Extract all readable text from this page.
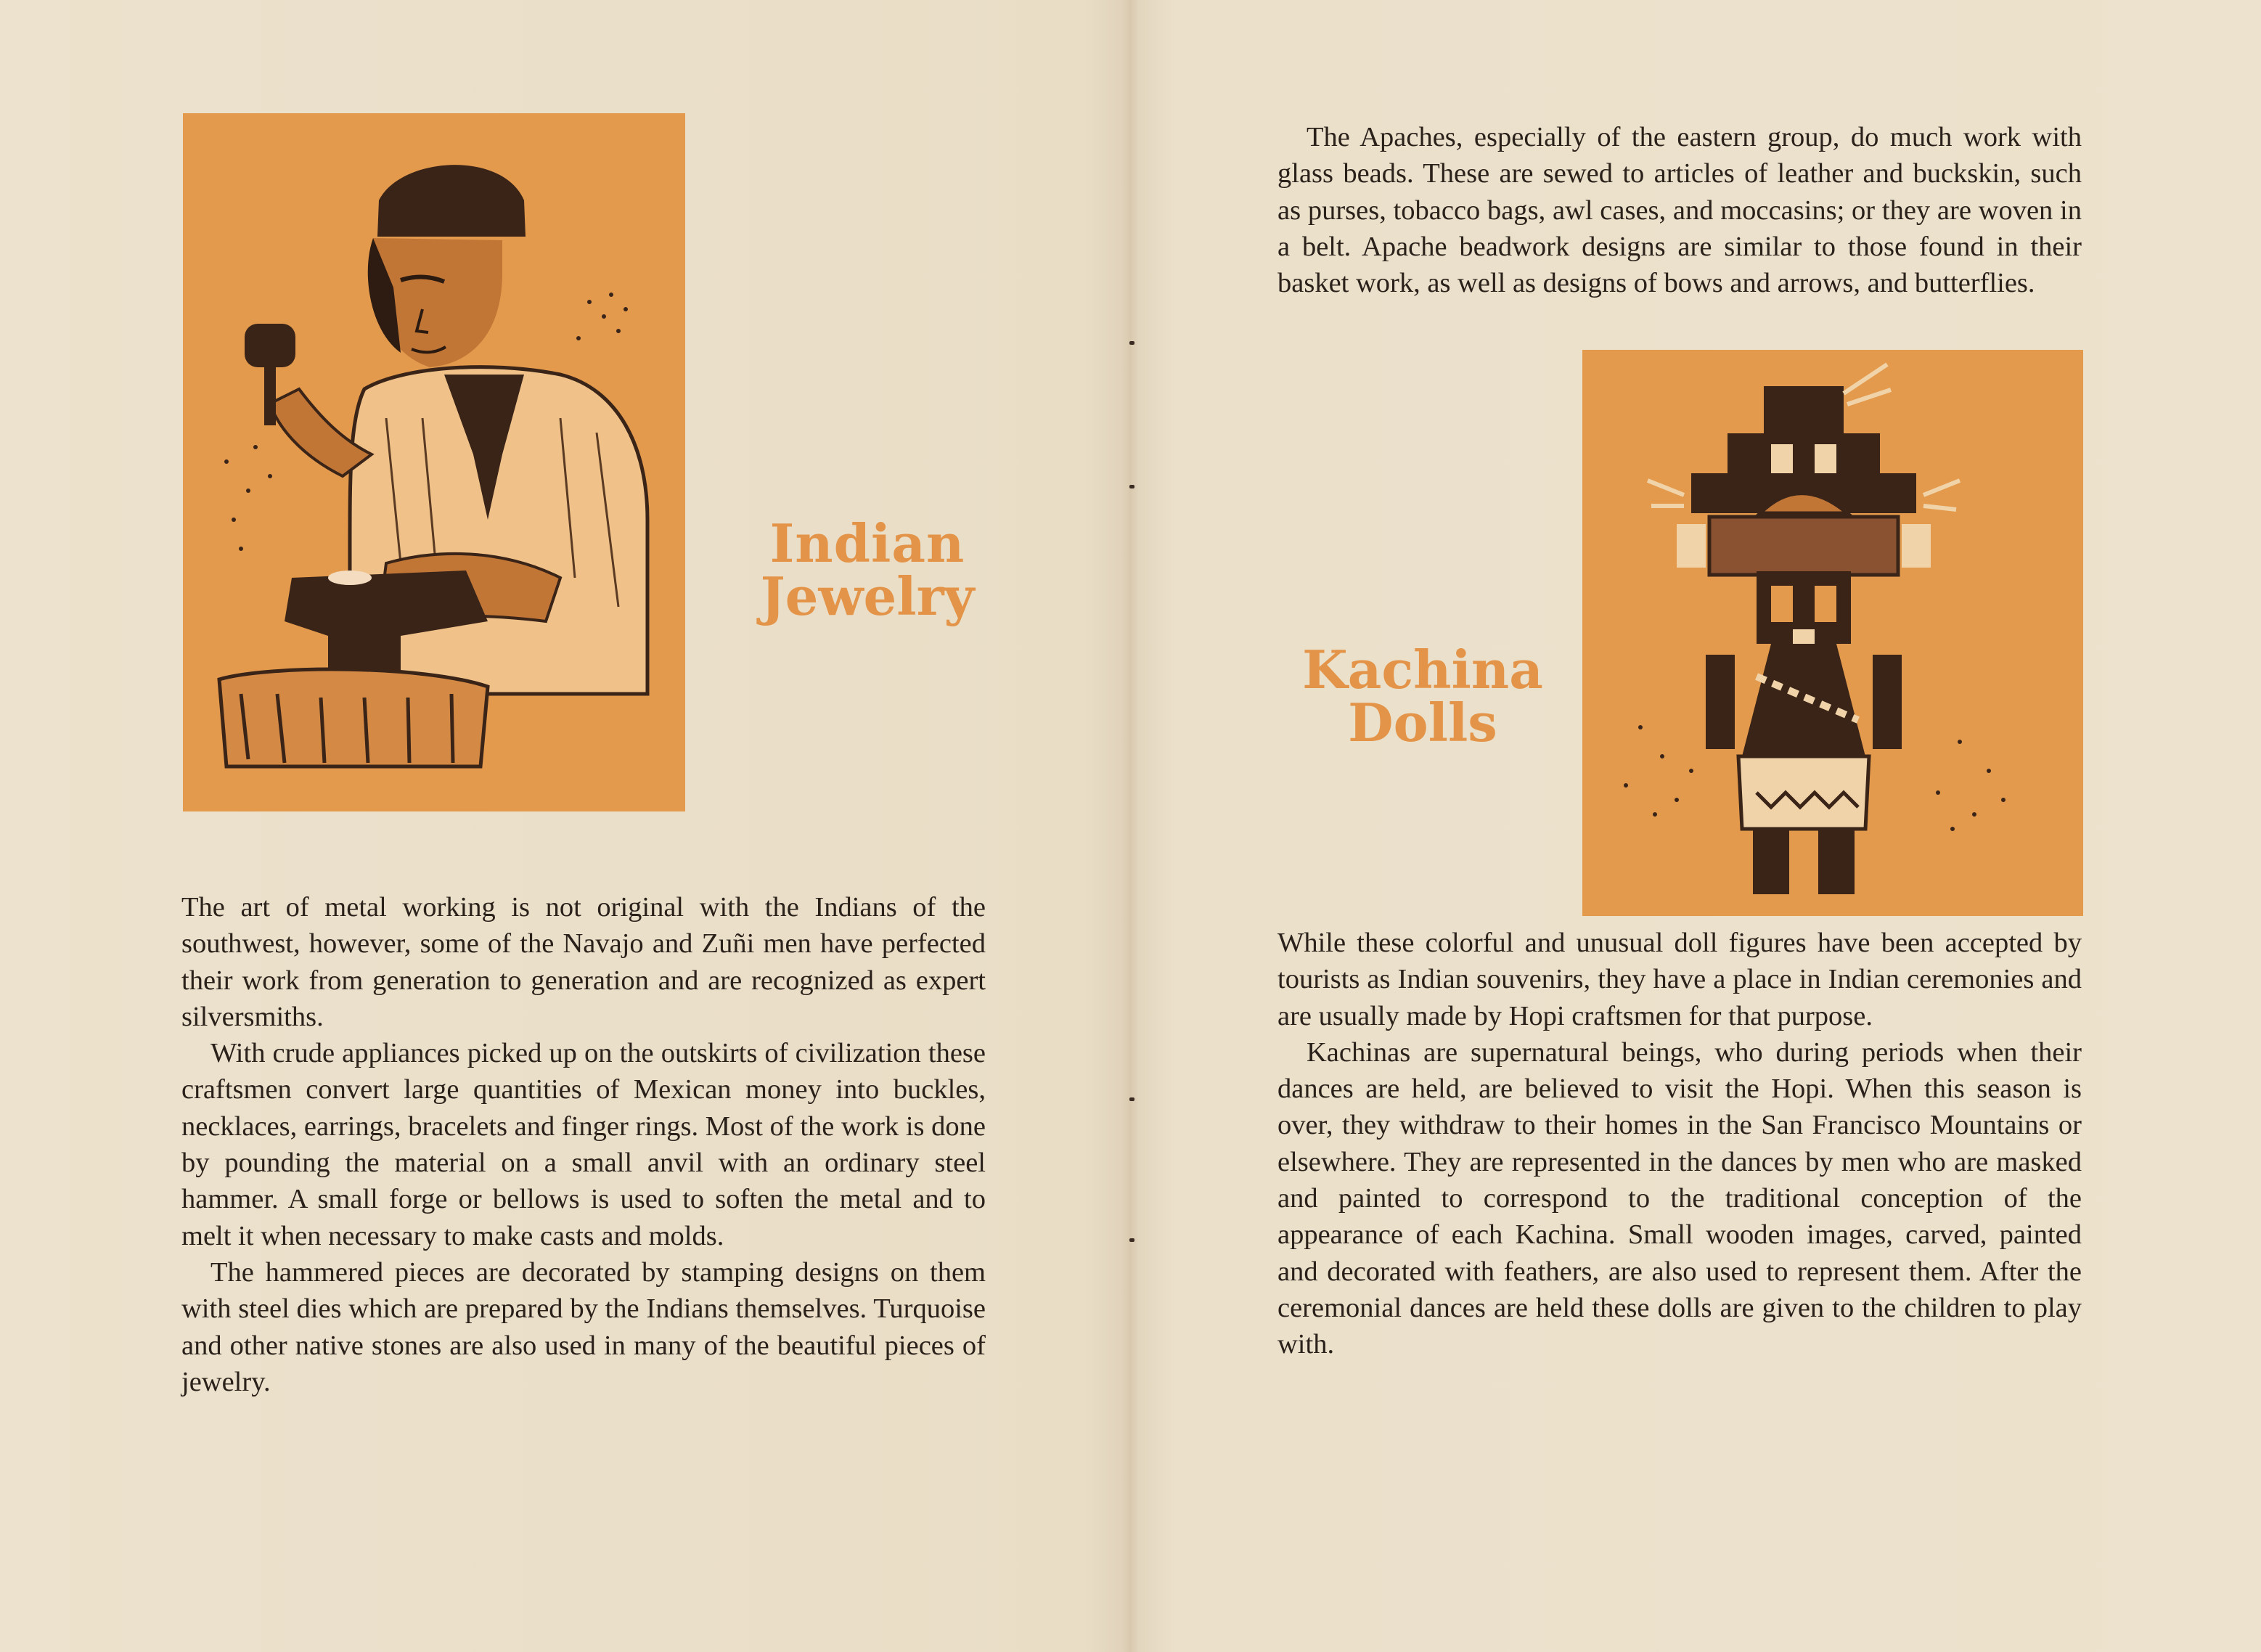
Indian
Jewelry

The art of metal working is not original with the Indians of the southwest, however, some of the Navajo and Zuñi men have perfected their work from generation to generation and are recognized as expert silversmiths.

With crude appliances picked up on the outskirts of civilization these craftsmen convert large quantities of Mexican money into buckles, necklaces, earrings, bracelets and finger rings. Most of the work is done by pounding the material on a small anvil with an ordinary steel hammer. A small forge or bellows is used to soften the metal and to melt it when necessary to make casts and molds.

The hammered pieces are decorated by stamping designs on them with steel dies which are prepared by the Indians themselves. Turquoise and other native stones are also used in many of the beautiful pieces of jewelry.

The Apaches, especially of the eastern group, do much work with glass beads. These are sewed to articles of leather and buckskin, such as purses, tobacco bags, awl cases, and moccasins; or they are woven in a belt. Apache beadwork designs are similar to those found in their basket work, as well as designs of bows and arrows, and butterflies.

Kachina
Dolls

While these colorful and unusual doll figures have been accepted by tourists as Indian souvenirs, they have a place in Indian ceremonies and are usually made by Hopi craftsmen for that purpose.

Kachinas are supernatural beings, who during periods when their dances are held, are believed to visit the Hopi. When this season is over, they withdraw to their homes in the San Francisco Mountains or elsewhere. They are represented in the dances by men who are masked and painted to correspond to the traditional conception of the appearance of each Kachina. Small wooden images, carved, painted and decorated with feathers, are also used to represent them. After the ceremonial dances are held these dolls are given to the children to play with.
